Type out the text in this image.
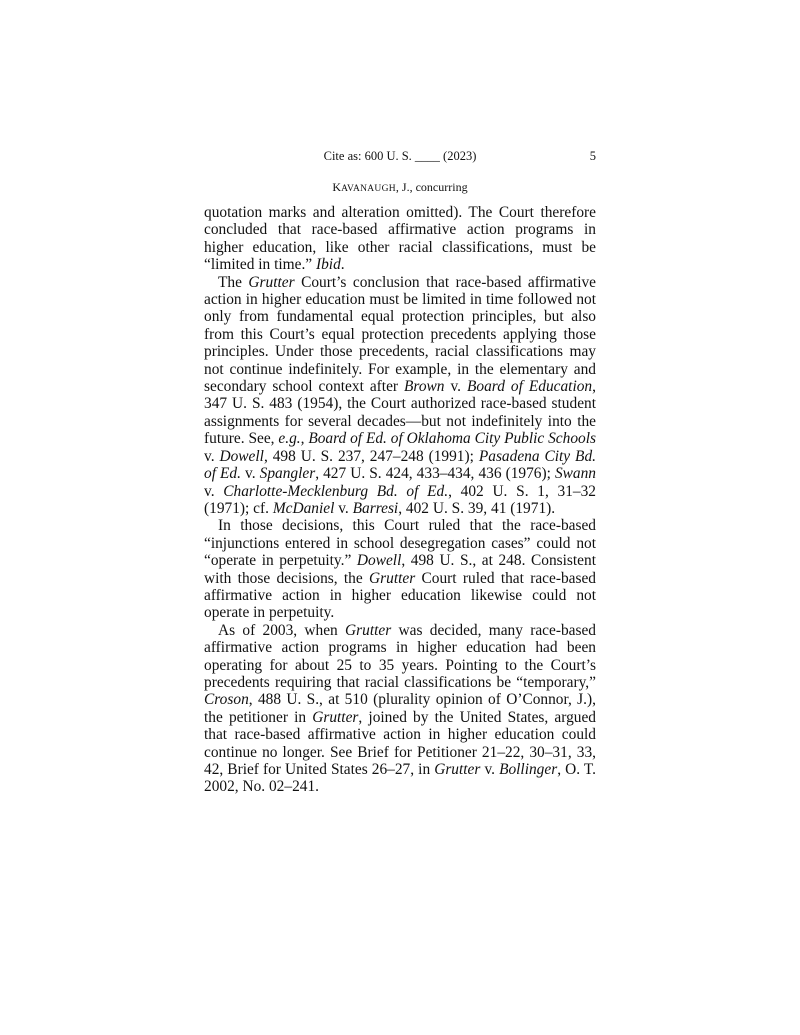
Cite as: 600 U. S. ____ (2023)	5
KAVANAUGH, J., concurring

quotation marks and alteration omitted). The Court therefore concluded that race-based affirmative action programs in higher education, like other racial classifications, must be “limited in time.” Ibid.

The Grutter Court’s conclusion that race-based affirmative action in higher education must be limited in time followed not only from fundamental equal protection principles, but also from this Court’s equal protection precedents applying those principles. Under those precedents, racial classifications may not continue indefinitely. For example, in the elementary and secondary school context after Brown v. Board of Education, 347 U. S. 483 (1954), the Court authorized race-based student assignments for several decades—but not indefinitely into the future. See, e.g., Board of Ed. of Oklahoma City Public Schools v. Dowell, 498 U. S. 237, 247–248 (1991); Pasadena City Bd. of Ed. v. Spangler, 427 U. S. 424, 433–434, 436 (1976); Swann v. Charlotte-Mecklenburg Bd. of Ed., 402 U. S. 1, 31–32 (1971); cf. McDaniel v. Barresi, 402 U. S. 39, 41 (1971).

In those decisions, this Court ruled that the race-based “injunctions entered in school desegregation cases” could not “operate in perpetuity.” Dowell, 498 U. S., at 248. Consistent with those decisions, the Grutter Court ruled that race-based affirmative action in higher education likewise could not operate in perpetuity.

As of 2003, when Grutter was decided, many race-based affirmative action programs in higher education had been operating for about 25 to 35 years. Pointing to the Court’s precedents requiring that racial classifications be “temporary,” Croson, 488 U. S., at 510 (plurality opinion of O’Connor, J.), the petitioner in Grutter, joined by the United States, argued that race-based affirmative action in higher education could continue no longer. See Brief for Petitioner 21–22, 30–31, 33, 42, Brief for United States 26–27, in Grutter v. Bollinger, O. T. 2002, No. 02–241.
